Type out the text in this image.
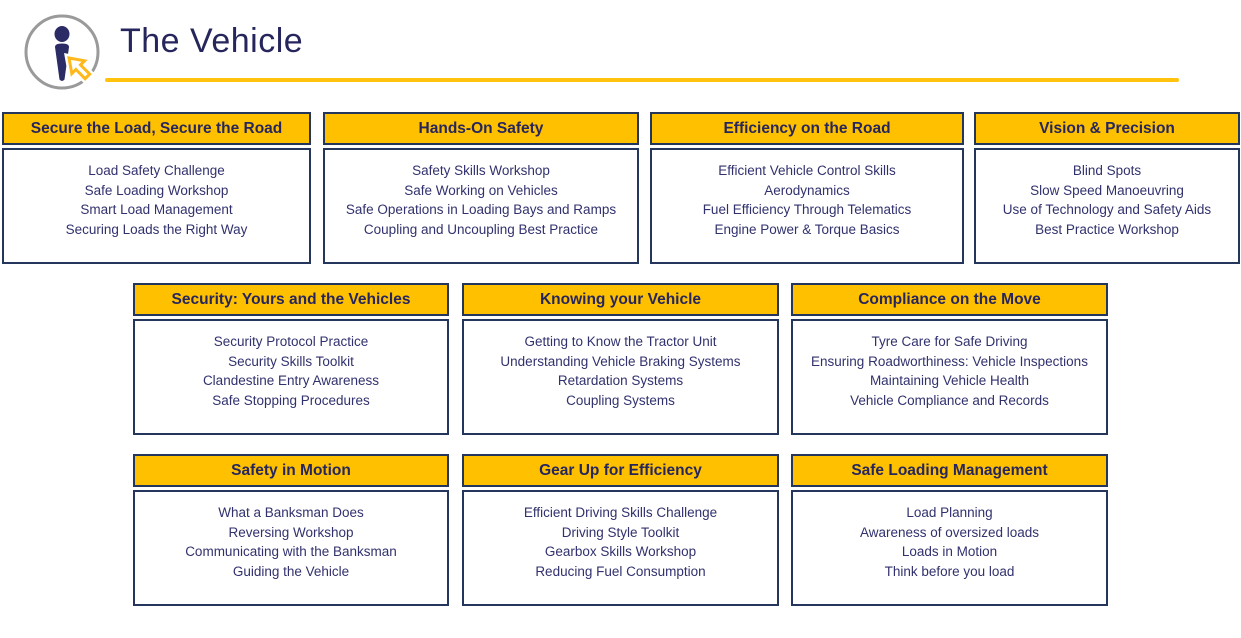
The Vehicle
Secure the Load, Secure the Road
Load Safety Challenge
Safe Loading Workshop
Smart Load Management
Securing Loads the Right Way
Hands-On Safety
Safety Skills Workshop
Safe Working on Vehicles
Safe Operations in Loading Bays and Ramps
Coupling and Uncoupling Best Practice
Efficiency on the Road
Efficient Vehicle Control Skills
Aerodynamics
Fuel Efficiency Through Telematics
Engine Power & Torque Basics
Vision & Precision
Blind Spots
Slow Speed Manoeuvring
Use of Technology and Safety Aids
Best Practice Workshop
Security: Yours and the Vehicles
Security Protocol Practice
Security Skills Toolkit
Clandestine Entry Awareness
Safe Stopping Procedures
Knowing your Vehicle
Getting to Know the Tractor Unit
Understanding Vehicle Braking Systems
Retardation Systems
Coupling Systems
Compliance on the Move
Tyre Care for Safe Driving
Ensuring Roadworthiness: Vehicle Inspections
Maintaining Vehicle Health
Vehicle Compliance and Records
Safety in Motion
What a Banksman Does
Reversing Workshop
Communicating with the Banksman
Guiding the Vehicle
Gear Up for Efficiency
Efficient Driving Skills Challenge
Driving Style Toolkit
Gearbox Skills Workshop
Reducing Fuel Consumption
Safe Loading Management
Load Planning
Awareness of oversized loads
Loads in Motion
Think before you load
